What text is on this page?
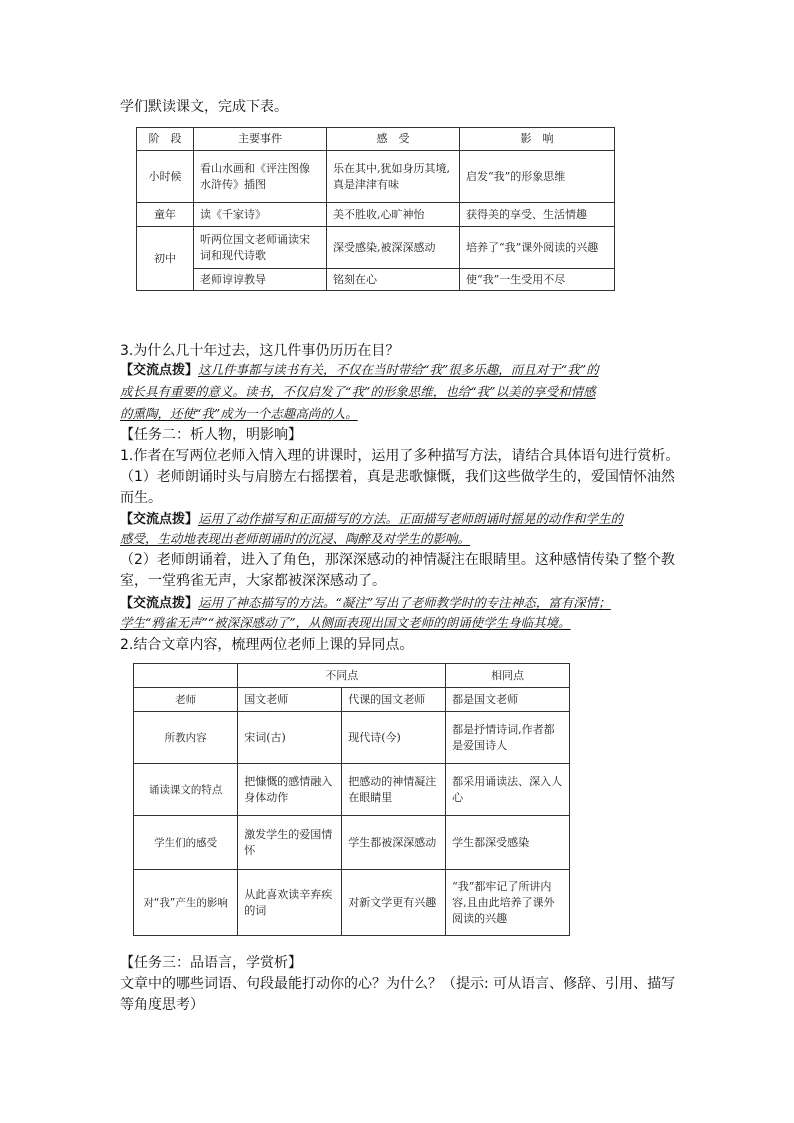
学们默读课文，完成下表。
阶　段	主要事件	感　受	影　响
小时候	看山水画和《评注图像水浒传》插图	乐在其中,犹如身历其境,真是津津有味	启发“我”的形象思维
童年	读《千家诗》	美不胜收,心旷神怡	获得美的享受、生活情趣
初中	听两位国文老师诵读宋词和现代诗歌	深受感染,被深深感动	培养了“我”课外阅读的兴趣
	老师谆谆教导	铭刻在心	使“我”一生受用不尽
3.为什么几十年过去，这几件事仍历历在目？
【交流点拨】这几件事都与读书有关，不仅在当时带给“我”很多乐趣，而且对于“我”的
成长具有重要的意义。读书，不仅启发了“我”的形象思维，也给“我”以美的享受和情感
的熏陶，还使“我”成为一个志趣高尚的人。
【任务二：析人物，明影响】
1.作者在写两位老师入情入理的讲课时，运用了多种描写方法，请结合具体语句进行赏析。
（1）老师朗诵时头与肩膀左右摇摆着，真是悲歌慷慨，我们这些做学生的，爱国情怀油然
而生。
【交流点拨】运用了动作描写和正面描写的方法。正面描写老师朗诵时摇晃的动作和学生的
感受，生动地表现出老师朗诵时的沉浸、陶醉及对学生的影响。
（2）老师朗诵着，进入了角色，那深深感动的神情凝注在眼睛里。这种感情传染了整个教
室，一堂鸦雀无声，大家都被深深感动了。
【交流点拨】运用了神态描写的方法。“凝注”写出了老师教学时的专注神态，富有深情；
学生“鸦雀无声”“被深深感动了”，从侧面表现出国文老师的朗诵使学生身临其境。
2.结合文章内容，梳理两位老师上课的异同点。
	不同点		相同点
老师	国文老师	代课的国文老师	都是国文老师
所教内容	宋词(古)	现代诗(今)	都是抒情诗词,作者都是爱国诗人
诵读课文的特点	把慷慨的感情融入身体动作	把感动的神情凝注在眼睛里	都采用诵读法、深入人心
学生们的感受	激发学生的爱国情怀	学生都被深深感动	学生都深受感染
对“我”产生的影响	从此喜欢读辛弃疾的词	对新文学更有兴趣	“我”都牢记了所讲内容,且由此培养了课外阅读的兴趣
【任务三：品语言，学赏析】
文章中的哪些词语、句段最能打动你的心？为什么？（提示: 可从语言、修辞、引用、描写
等角度思考）
